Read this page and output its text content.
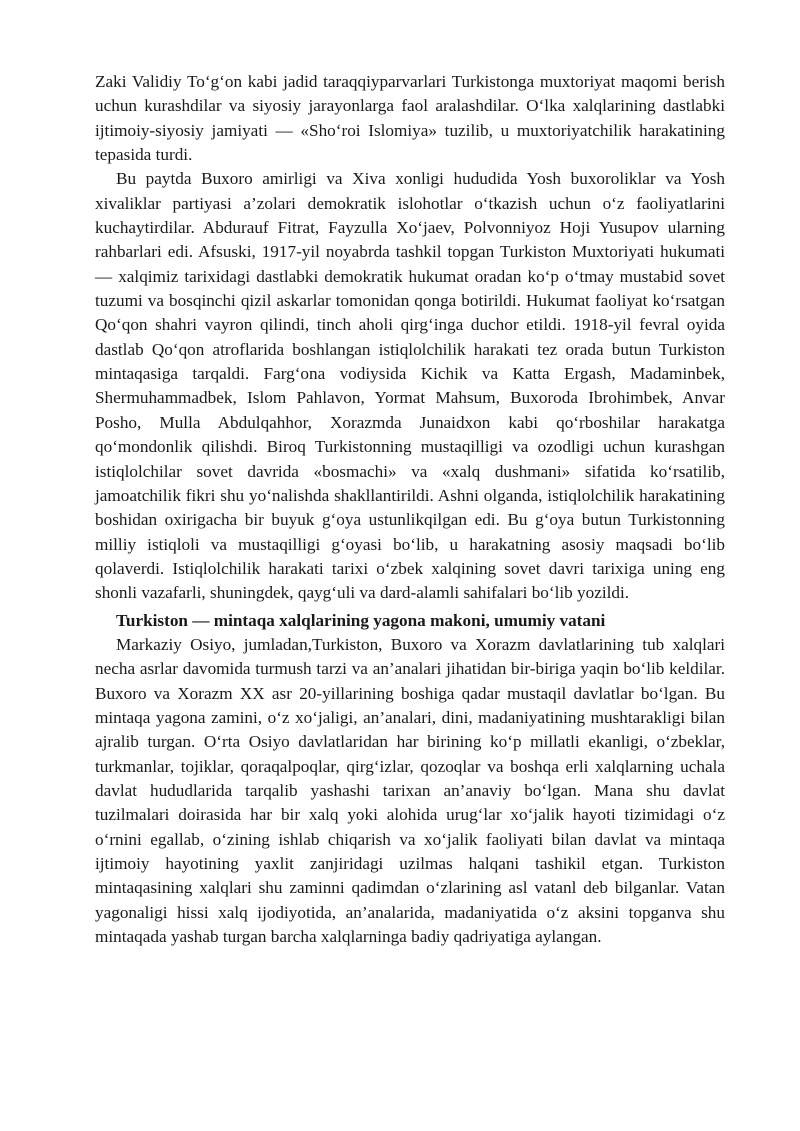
Zaki Validiy To‘g‘on kabi jadid taraqqiyparvarlari Turkistonga muxtoriyat maqomi berish uchun kurashdilar va siyosiy jarayonlarga faol aralashdilar. O‘lka xalqlarining dastlabki ijtimoiy-siyosiy jamiyati — «Sho‘roi Islomiya» tuzilib, u muxtoriyatchilik harakatining tepasida turdi.

Bu paytda Buxoro amirligi va Xiva xonligi hududida Yosh buxoroliklar va Yosh xivaliklar partiyasi a’zolari demokratik islohotlar o‘tkazish uchun o‘z faoliyatlarini kuchaytirdilar. Abdurauf Fitrat, Fayzulla Xo‘jaev, Polvonniyoz Hoji Yusupov ularning rahbarlari edi. Afsuski, 1917-yil noyabrda tashkil topgan Turkiston Muxtoriyati hukumati — xalqimiz tarixidagi dastlabki demokratik hukumat oradan ko‘p o‘tmay mustabid sovet tuzumi va bosqinchi qizil askarlar tomonidan qonga botirildi. Hukumat faoliyat ko‘rsatgan Qo‘qon shahri vayron qilindi, tinch aholi qirg‘inga duchor etildi. 1918-yil fevral oyida dastlab Qo‘qon atroflarida boshlangan istiqlolchilik harakati tez orada butun Turkiston mintaqasiga tarqaldi. Farg‘ona vodiysida Kichik va Katta Ergash, Madaminbek, Shermuhammadbek, Islom Pahlavon, Yormat Mahsum, Buxoroda Ibrohimbek, Anvar Posho, Mulla Abdulqahhor, Xorazmda Junaidxon kabi qo‘rboshilar harakatga qo‘mondonlik qilishdi. Biroq Turkistonning mustaqilligi va ozodligi uchun kurashgan istiqlolchilar sovet davrida «bosmachi» va «xalq dushmani» sifatida ko‘rsatilib, jamoatchilik fikri shu yo‘nalishda shakllantirildi. Ashni olganda, istiqlolchilik harakatining boshidan oxirigacha bir buyuk g‘oya ustunlikqilgan edi. Bu g‘oya butun Turkistonning milliy istiqloli va mustaqilligi g‘oyasi bo‘lib, u harakatning asosiy maqsadi bo‘lib qolaverdi. Istiqlolchilik harakati tarixi o‘zbek xalqining sovet davri tarixiga uning eng shonli vazafarli, shuningdek, qayg‘uli va dard-alamli sahifalari bo‘lib yozildi.

Turkiston — mintaqa xalqlarining yagona makoni, umumiy vatani

Markaziy Osiyo, jumladan,Turkiston, Buxoro va Xorazm davlatlarining tub xalqlari necha asrlar davomida turmush tarzi va an’analari jihatidan bir-biriga yaqin bo‘lib keldilar. Buxoro va Xorazm XX asr 20-yillarining boshiga qadar mustaqil davlatlar bo‘lgan. Bu mintaqa yagona zamini, o‘z xo‘jaligi, an’analari, dini, madaniyatining mushtarakligi bilan ajralib turgan. O‘rta Osiyo davlatlaridan har birining ko‘p millatli ekanligi, o‘zbeklar, turkmanlar, tojiklar, qoraqalpoqlar, qirg‘izlar, qozoqlar va boshqa erli xalqlarning uchala davlat hududlarida tarqalib yashashi tarixan an’anaviy bo‘lgan. Mana shu davlat tuzilmalari doirasida har bir xalq yoki alohida urug‘lar xo‘jalik hayoti tizimidagi o‘z o‘rnini egallab, o‘zining ishlab chiqarish va xo‘jalik faoliyati bilan davlat va mintaqa ijtimoiy hayotining yaxlit zanjiridagi uzilmas halqani tashikil etgan. Turkiston mintaqasining xalqlari shu zaminni qadimdan o‘zlarining asl vatanl deb bilganlar. Vatan yagonaligi hissi xalq ijodiyotida, an’analarida, madaniyatida o‘z aksini topganva shu mintaqada yashab turgan barcha xalqlarninga badiy qadriyatiga aylangan.
